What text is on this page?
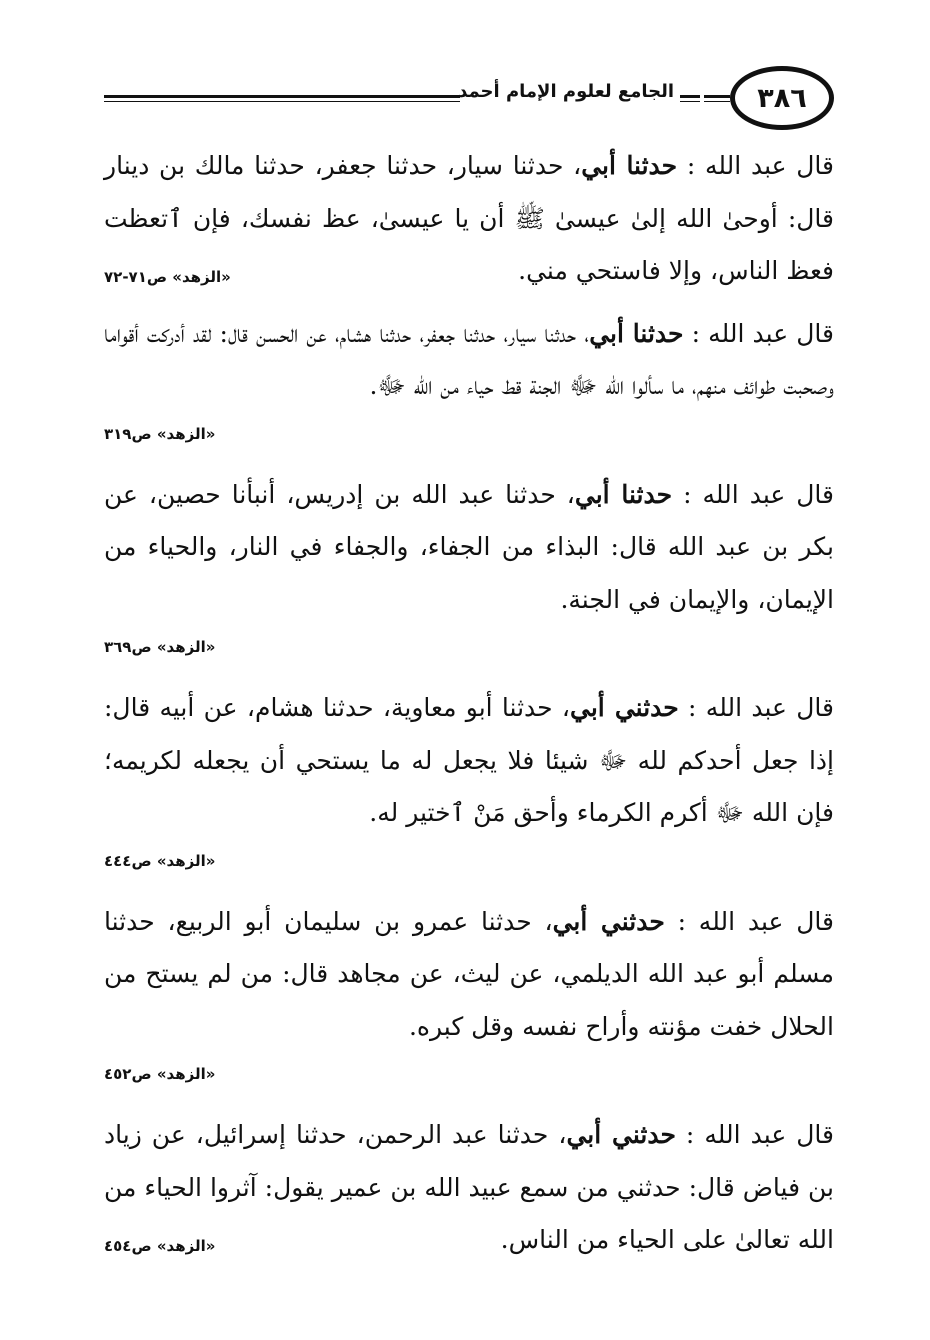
الجامع لعلوم الإمام أحمد	٣٨٦

قال عبد الله : حدثنا أبي، حدثنا سيار، حدثنا جعفر، حدثنا مالك بن دينار قال: أوحىٰ الله إلىٰ عيسىٰ ﷺ أن يا عيسىٰ، عظ نفسك، فإن ٱتعظت فعظ الناس، وإلا فاستحي مني.

«الزهد» ص٧١-٧٢

قال عبد الله : حدثنا أبي، حدثنا سيار، حدثنا جعفر، حدثنا هشام، عن الحسن قال: لقد أدركت أقواما وصحبت طوائف منهم، ما سألوا الله ﷻ الجنة قط حياء من الله ﷻ.

«الزهد» ص٣١٩

قال عبد الله : حدثنا أبي، حدثنا عبد الله بن إدريس، أنبأنا حصين، عن بكر بن عبد الله قال: البذاء من الجفاء، والجفاء في النار، والحياء من الإيمان، والإيمان في الجنة.

«الزهد» ص٣٦٩

قال عبد الله : حدثني أبي، حدثنا أبو معاوية، حدثنا هشام، عن أبيه قال: إذا جعل أحدكم لله ﷻ شيئا فلا يجعل له ما يستحي أن يجعله لكريمه؛ فإن الله ﷻ أكرم الكرماء وأحق مَنْ ٱختير له.

«الزهد» ص٤٤٤

قال عبد الله : حدثني أبي، حدثنا عمرو بن سليمان أبو الربيع، حدثنا مسلم أبو عبد الله الديلمي، عن ليث، عن مجاهد قال: من لم يستح من الحلال خفت مؤنته وأراح نفسه وقل كبره.

«الزهد» ص٤٥٢

قال عبد الله : حدثني أبي، حدثنا عبد الرحمن، حدثنا إسرائيل، عن زياد بن فياض قال: حدثني من سمع عبيد الله بن عمير يقول: آثروا الحياء من الله تعالىٰ على الحياء من الناس.

«الزهد» ص٤٥٤
